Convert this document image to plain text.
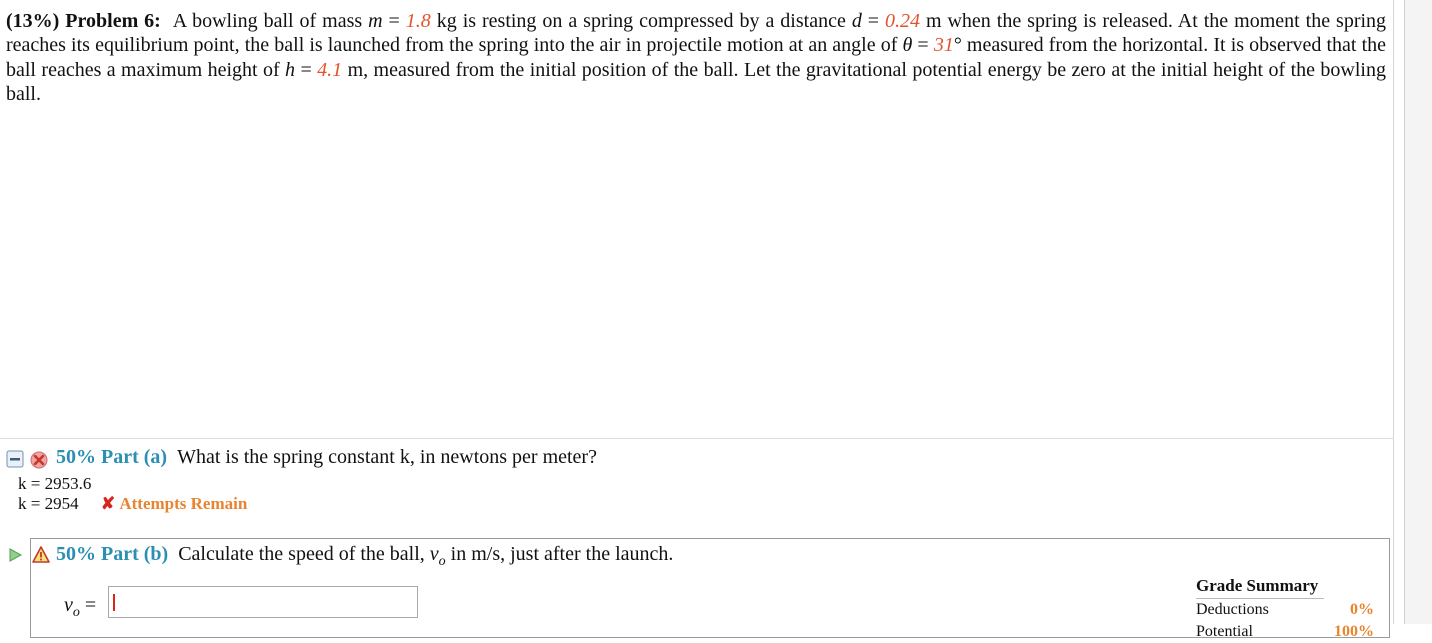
(13%) Problem 6: A bowling ball of mass m = 1.8 kg is resting on a spring compressed by a distance d = 0.24 m when the spring is released. At the moment the spring reaches its equilibrium point, the ball is launched from the spring into the air in projectile motion at an angle of θ = 31° measured from the horizontal. It is observed that the ball reaches a maximum height of h = 4.1 m, measured from the initial position of the ball. Let the gravitational potential energy be zero at the initial height of the bowling ball.
50% Part (a) What is the spring constant k, in newtons per meter?
k = 2953.6
k = 2954 ✘ Attempts Remain
50% Part (b) Calculate the speed of the ball, $v_o$ in m/s, just after the launch.
$v_o$ =
Grade Summary
Deductions	0%
Potential	100%
